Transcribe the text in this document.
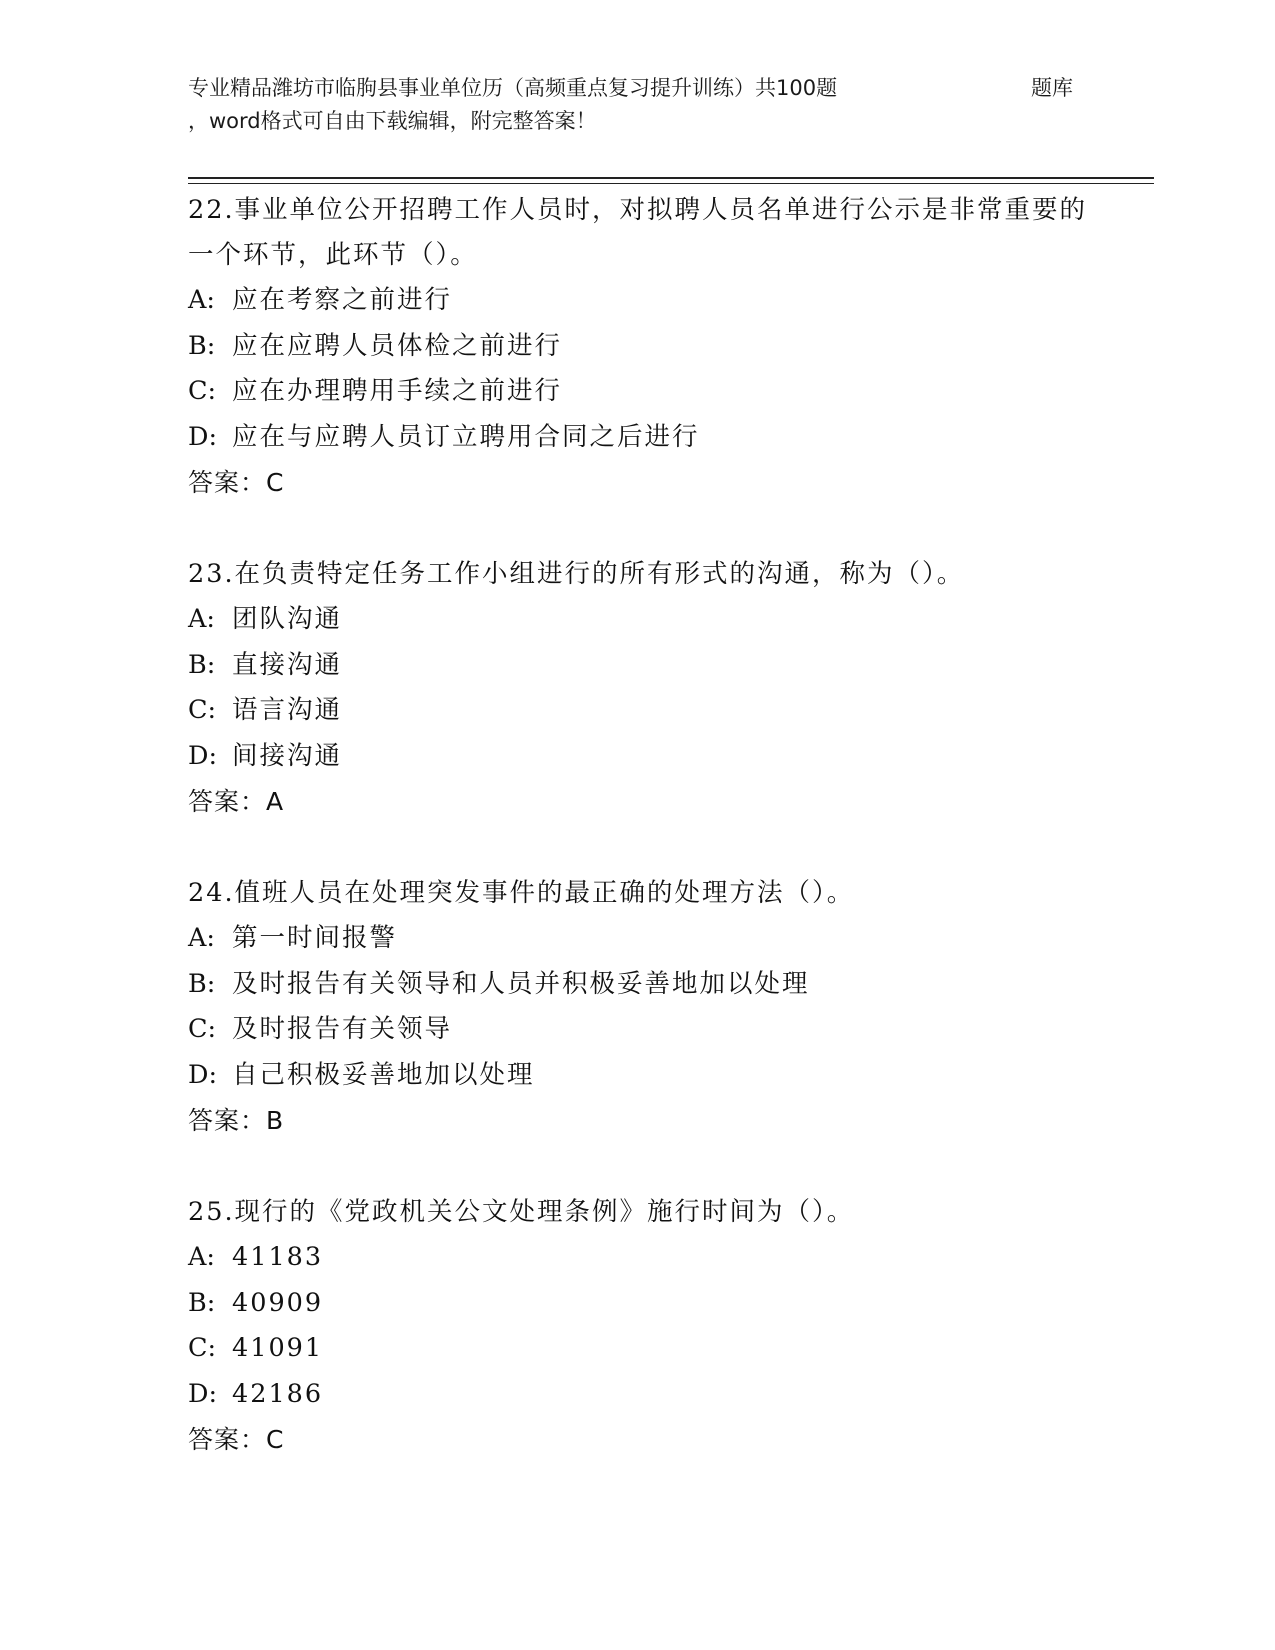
专业精品潍坊市临朐县事业单位历（高频重点复习提升训练）共100题	题库
，word格式可自由下载编辑，附完整答案！
22.事业单位公开招聘工作人员时，对拟聘人员名单进行公示是非常重要的一个环节，此环节（）。
A: 应在考察之前进行
B: 应在应聘人员体检之前进行
C: 应在办理聘用手续之前进行
D: 应在与应聘人员订立聘用合同之后进行
答案：C
23.在负责特定任务工作小组进行的所有形式的沟通，称为（）。
A: 团队沟通
B: 直接沟通
C: 语言沟通
D: 间接沟通
答案：A
24.值班人员在处理突发事件的最正确的处理方法（）。
A: 第一时间报警
B: 及时报告有关领导和人员并积极妥善地加以处理
C: 及时报告有关领导
D: 自己积极妥善地加以处理
答案：B
25.现行的《党政机关公文处理条例》施行时间为（）。
A: 41183
B: 40909
C: 41091
D: 42186
答案：C
